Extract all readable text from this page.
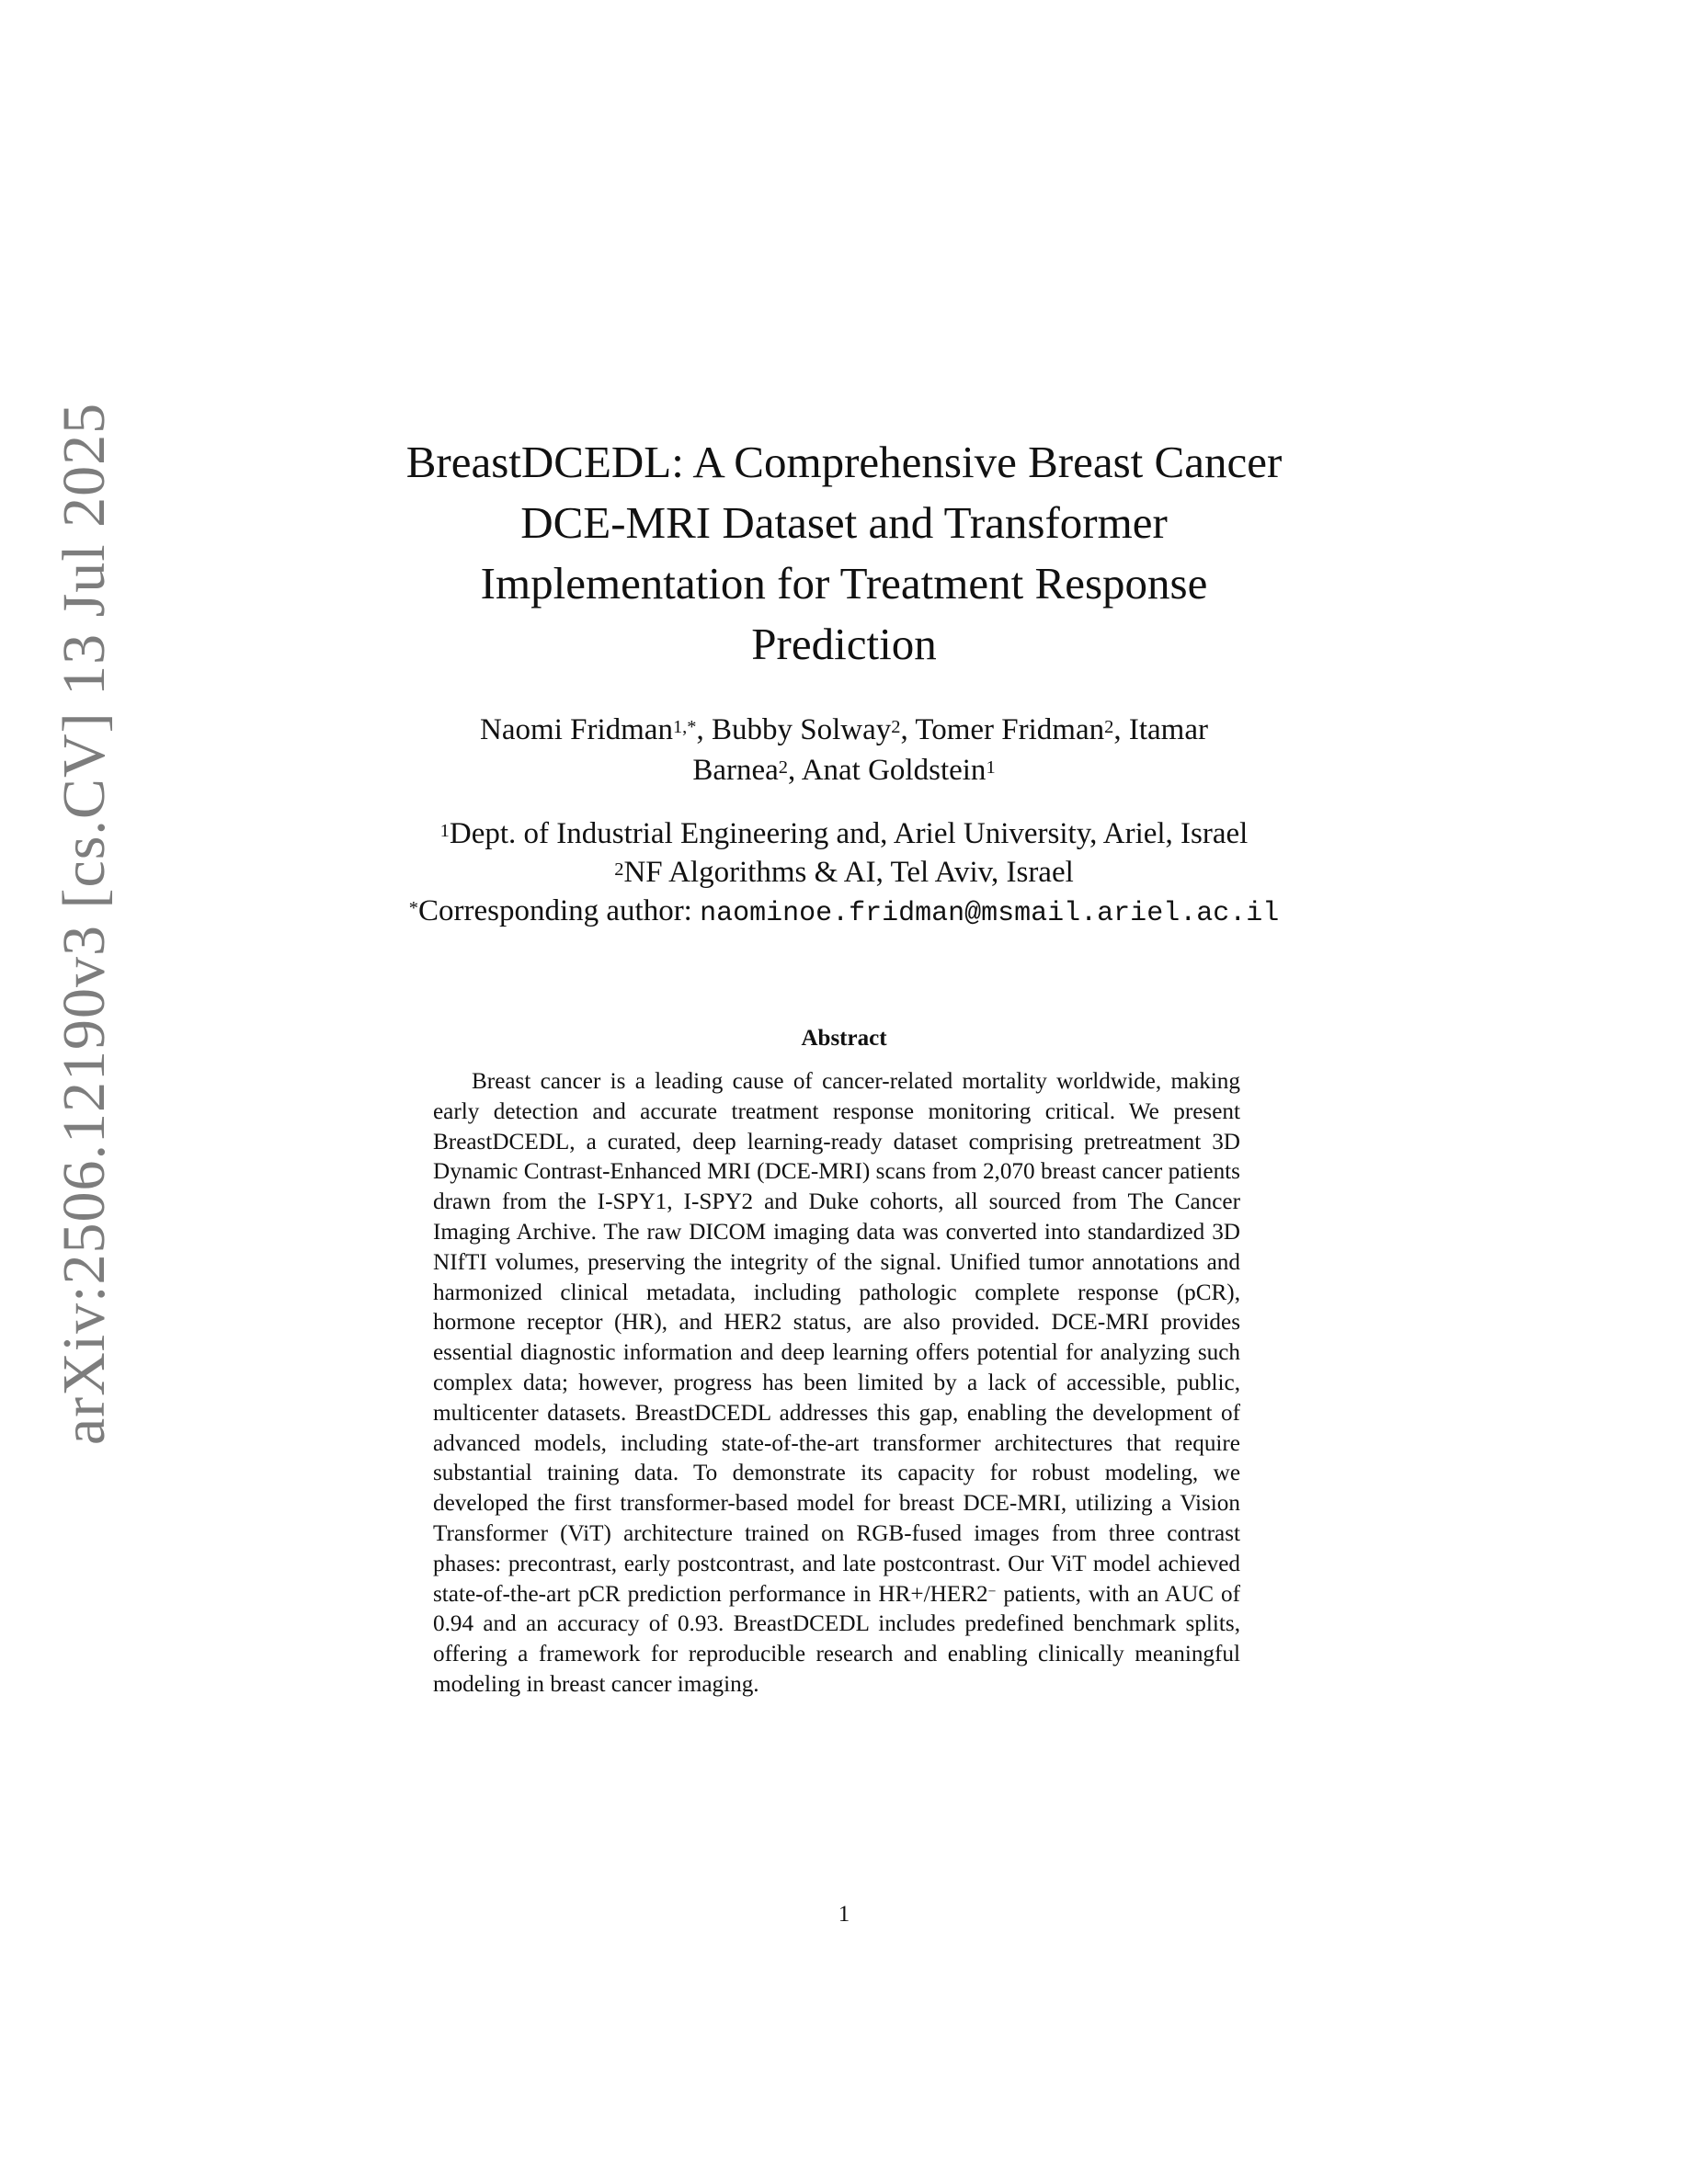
arXiv:2506.12190v3 [cs.CV] 13 Jul 2025	BreastDCEDL: A Comprehensive Breast Cancer
DCE-MRI Dataset and Transformer
Implementation for Treatment Response
Prediction
Naomi Fridman$^{1,*}$, Bubby Solway$^2$, Tomer Fridman$^2$, Itamar
Barnea$^2$, Anat Goldstein$^1$
$^1$Dept. of Industrial Engineering and, Ariel University, Ariel, Israel
$^2$NF Algorithms & AI, Tel Aviv, Israel
*Corresponding author: naominoe.fridman@msmail.ariel.ac.il
Abstract

Breast cancer is a leading cause of cancer-related mortality worldwide, making early detection and accurate treatment response monitoring critical. We present BreastDCEDL, a curated, deep learning-ready dataset comprising pretreatment 3D Dynamic Contrast-Enhanced MRI (DCE-MRI) scans from 2,070 breast cancer patients drawn from the I-SPY1, I-SPY2 and Duke cohorts, all sourced from The Cancer Imaging Archive. The raw DICOM imaging data was converted into standardized 3D NIfTI volumes, preserving the integrity of the signal. Unified tumor annotations and harmonized clinical metadata, including pathologic complete response (pCR), hormone receptor (HR), and HER2 status, are also provided. DCE-MRI provides essential diagnostic information and deep learning offers potential for analyzing such complex data; however, progress has been limited by a lack of accessible, public, multicenter datasets. BreastDCEDL addresses this gap, enabling the development of advanced models, including state-of-the-art transformer architectures that require substantial training data. To demonstrate its capacity for robust modeling, we developed the first transformer-based model for breast DCE-MRI, utilizing a Vision Transformer (ViT) architecture trained on RGB-fused images from three contrast phases: precontrast, early postcontrast, and late postcontrast. Our ViT model achieved state-of-the-art pCR prediction performance in HR+/HER2− patients, with an AUC of 0.94 and an accuracy of 0.93. BreastDCEDL includes predefined benchmark splits, offering a framework for reproducible research and enabling clinically meaningful modeling in breast cancer imaging.

1
